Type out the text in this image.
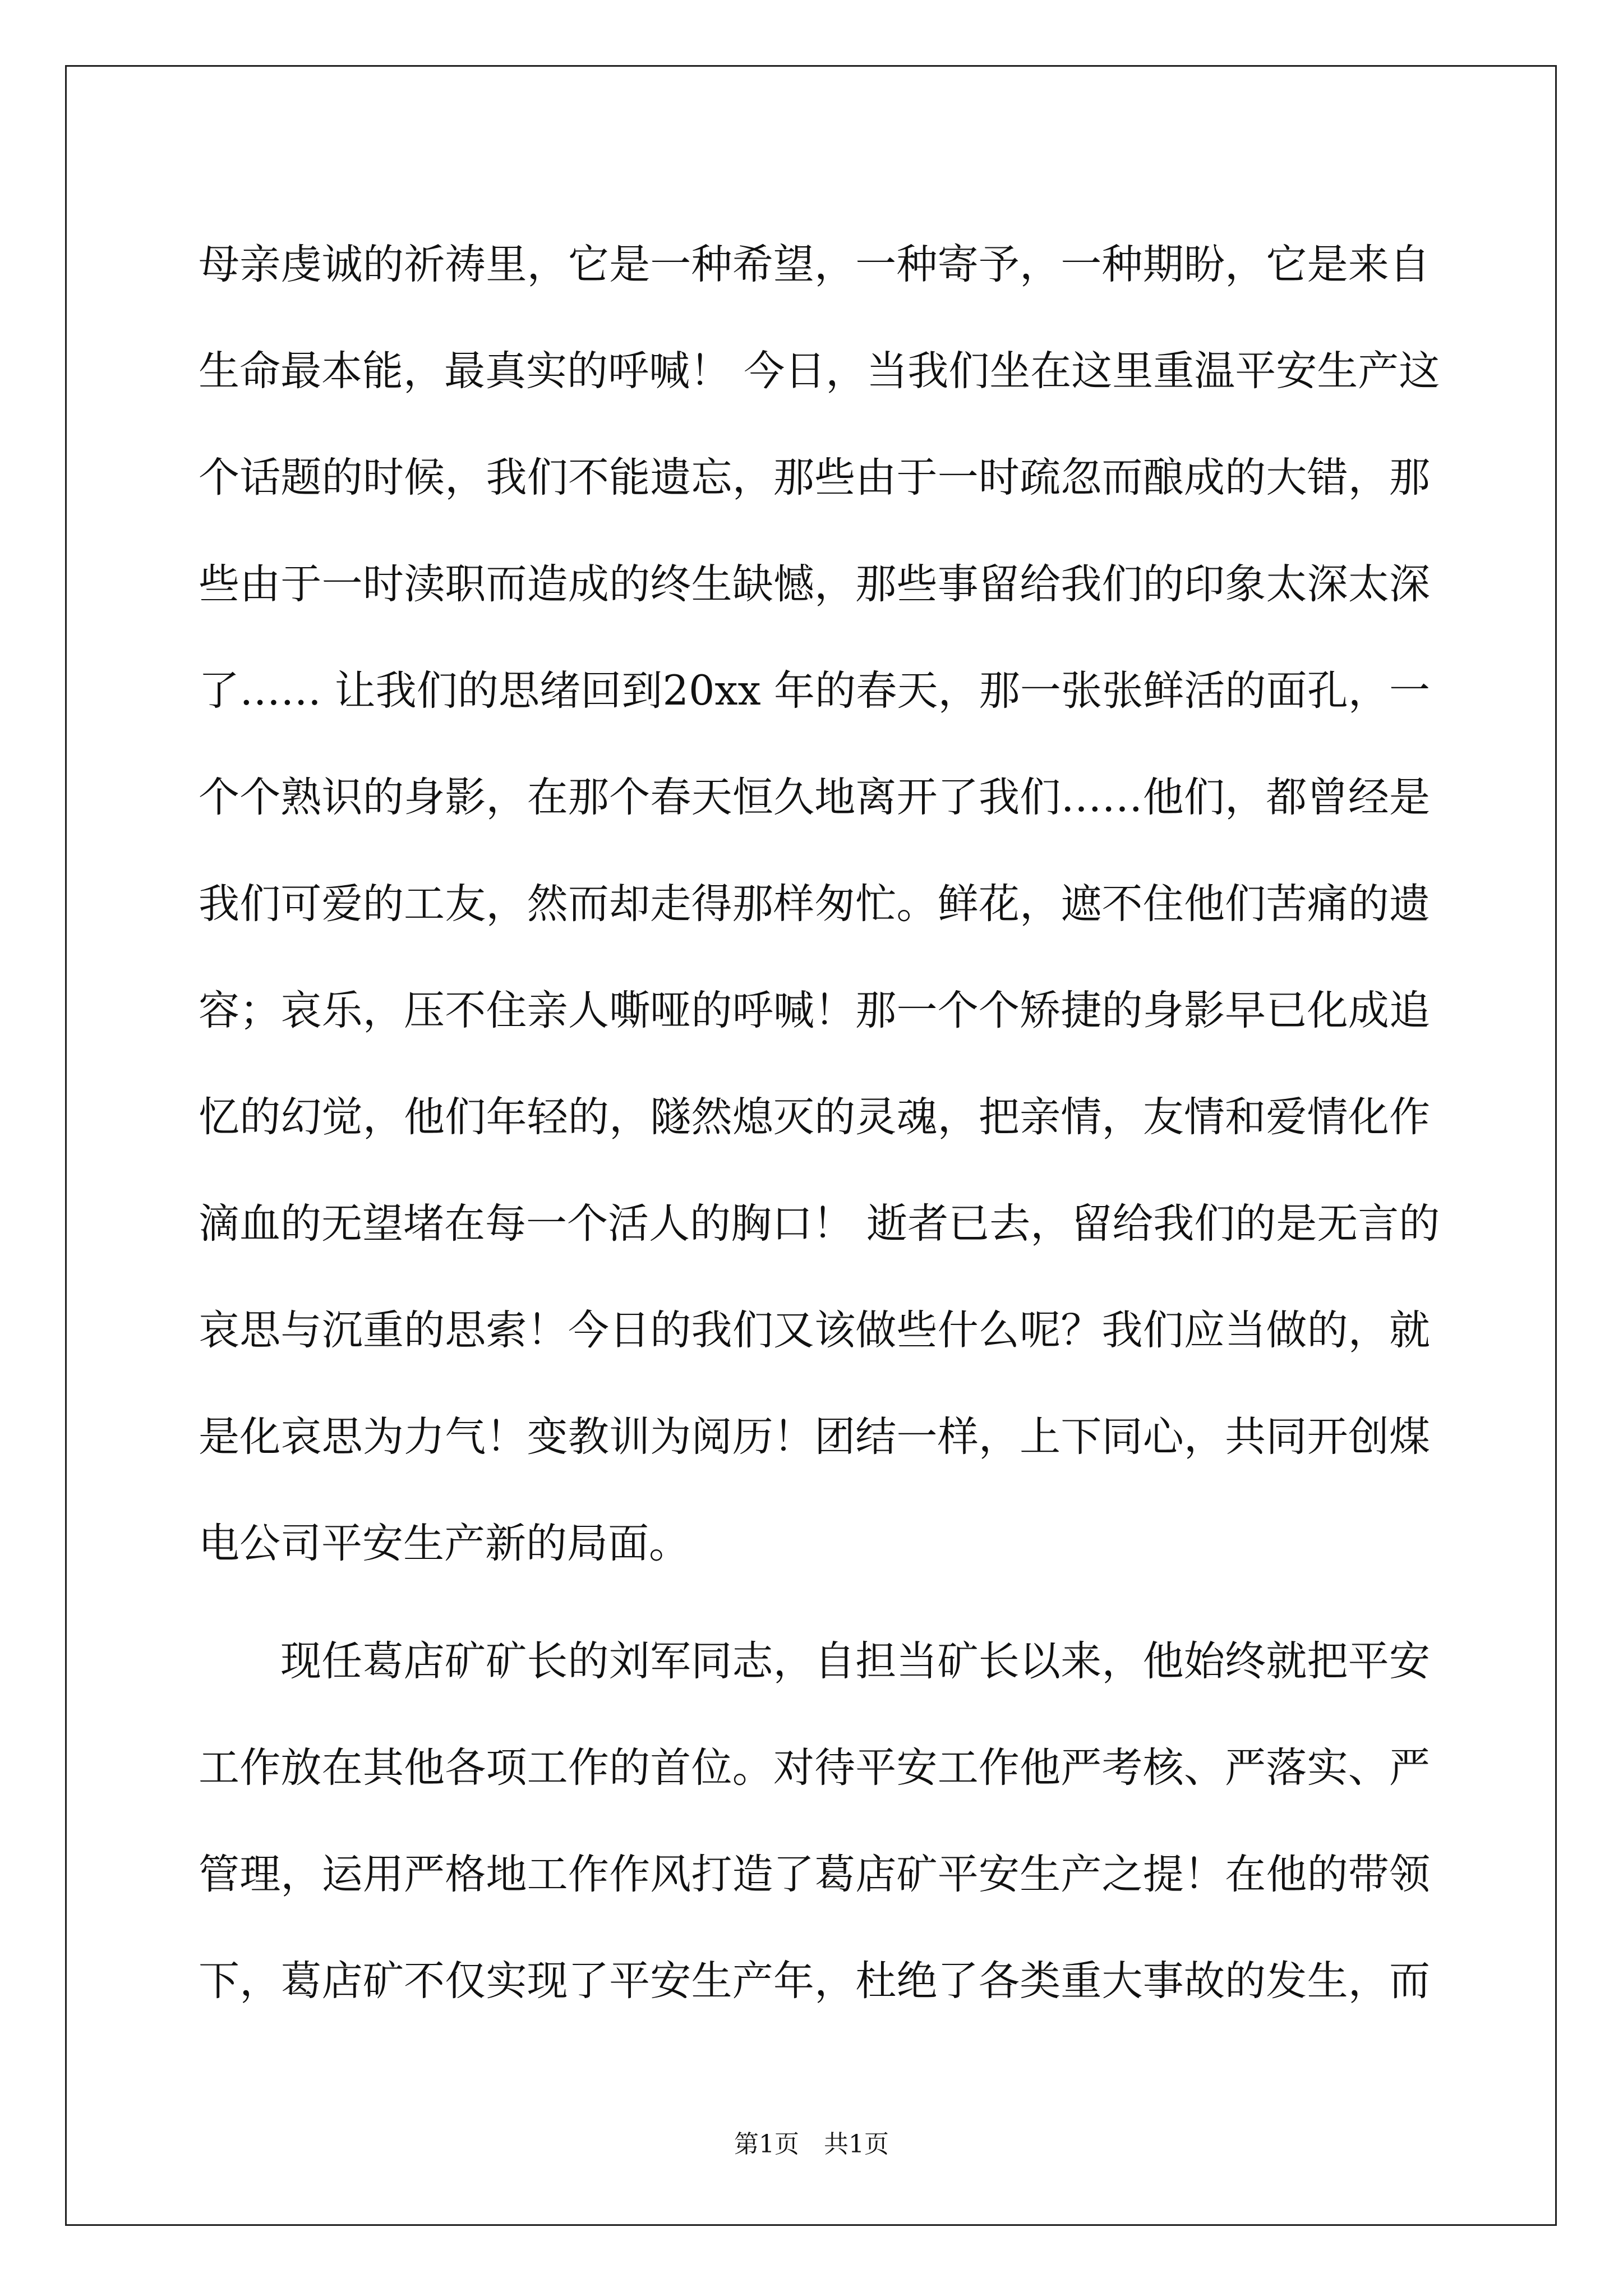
母亲虔诚的祈祷里，它是一种希望，一种寄予，一种期盼，它是来自
生命最本能，最真实的呼喊！ 今日，当我们坐在这里重温平安生产这
个话题的时候，我们不能遗忘，那些由于一时疏忽而酿成的大错，那
些由于一时渎职而造成的终生缺憾，那些事留给我们的印象太深太深
了…… 让我们的思绪回到20xx 年的春天，那一张张鲜活的面孔，一
个个熟识的身影，在那个春天恒久地离开了我们……他们，都曾经是
我们可爱的工友，然而却走得那样匆忙。鲜花，遮不住他们苦痛的遗
容；哀乐，压不住亲人嘶哑的呼喊！那一个个矫捷的身影早已化成追
忆的幻觉，他们年轻的，隧然熄灭的灵魂，把亲情，友情和爱情化作
滴血的无望堵在每一个活人的胸口！ 逝者已去，留给我们的是无言的
哀思与沉重的思索！今日的我们又该做些什么呢？我们应当做的，就
是化哀思为力气！变教训为阅历！团结一样，上下同心，共同开创煤
电公司平安生产新的局面。
现任葛店矿矿长的刘军同志，自担当矿长以来，他始终就把平安
工作放在其他各项工作的首位。对待平安工作他严考核、严落实、严
管理，运用严格地工作作风打造了葛店矿平安生产之提！在他的带领
下，葛店矿不仅实现了平安生产年，杜绝了各类重大事故的发生，而
第1页 共1页
